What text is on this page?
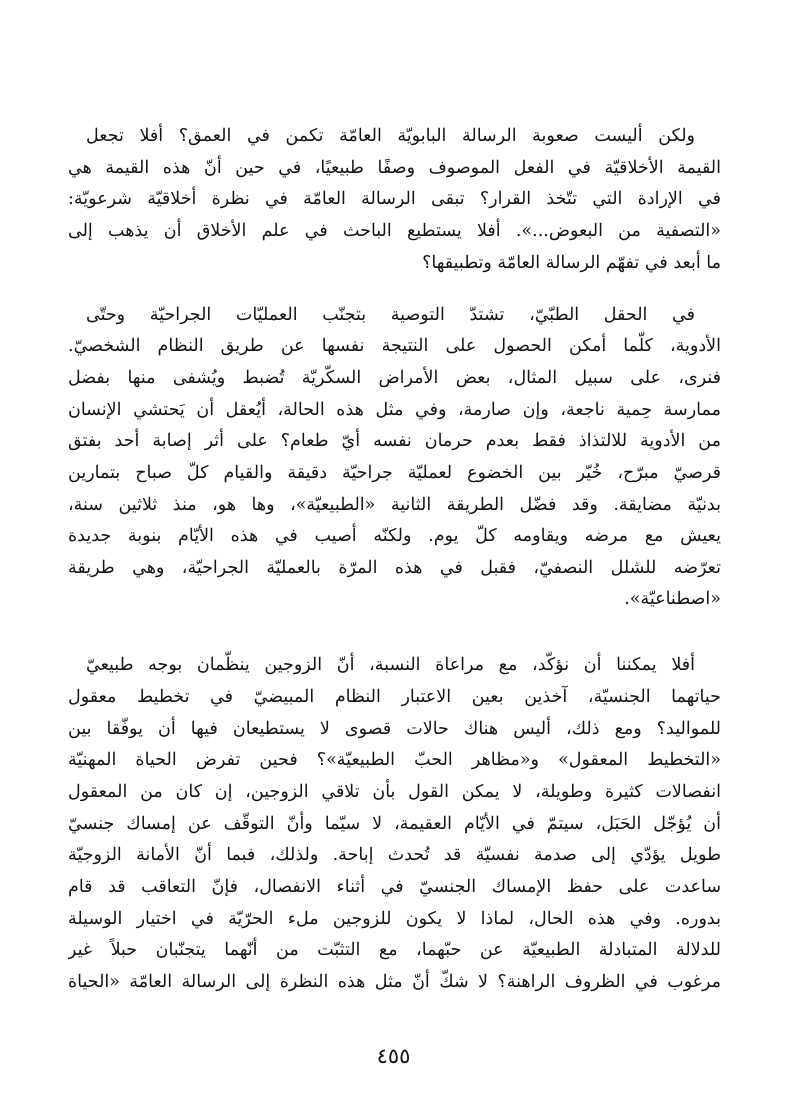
ولكن أليست صعوبة الرسالة البابويّة العامّة تكمن في العمق؟ أفلا تجعل
القيمة الأخلاقيّة في الفعل الموصوف وصفًا طبيعيًا، في حين أنّ هذه القيمة هي
في الإرادة التي تتّخذ القرار؟ تبقى الرسالة العامّة في نظرة أخلاقيّة شرعويّة:
«التصفية من البعوض...». أفلا يستطيع الباحث في علم الأخلاق أن يذهب إلى
ما أبعد في تفهّم الرسالة العامّة وتطبيقها؟
في الحقل الطبّيّ، تشتدّ التوصية بتجنّب العمليّات الجراحيّة وحتّى
الأدوية، كلّما أمكن الحصول على النتيجة نفسها عن طريق النظام الشخصيّ.
فنرى، على سبيل المثال، بعض الأمراض السكّريّة تُضبط ويُشفى منها بفضل
ممارسة حِمية ناجعة، وإن صارمة، وفي مثل هذه الحالة، أيُعقل أن يَحتشي الإنسان
من الأدوية للالتذاذ فقط بعدم حرمان نفسه أيّ طعام؟ على أثر إصابة أحد بفتق
قرصيّ مبرّح، خُيّر بين الخضوع لعمليّة جراحيّة دقيقة والقيام كلّ صباح بتمارين
بدنيّة مضايقة. وقد فضّل الطريقة الثانية «الطبيعيّة»، وها هو، منذ ثلاثين سنة،
يعيش مع مرضه ويقاومه كلّ يوم. ولكنّه أصيب في هذه الأيّام بنوبة جديدة
تعرّضه للشلل النصفيّ، فقبل في هذه المرّة بالعمليّة الجراحيّة، وهي طريقة
«اصطناعيّة».
أفلا يمكننا أن نؤكّد، مع مراعاة النسبة، أنّ الزوجين ينظّمان بوجه طبيعيّ
حياتهما الجنسيّة، آخذين بعين الاعتبار النظام المبيضيّ في تخطيط معقول
للمواليد؟ ومع ذلك، أليس هناك حالات قصوى لا يستطيعان فيها أن يوفّقا بين
«التخطيط المعقول» و«مظاهر الحبّ الطبيعيّة»؟ فحين تفرض الحياة المهنيّة
انفصالات كثيرة وطويلة، لا يمكن القول بأن تلاقي الزوجين، إن كان من المعقول
أن يُؤجّل الحَبَل، سيتمّ في الأيّام العقيمة، لا سيّما وأنّ التوقّف عن إمساك جنسيّ
طويل يؤدّي إلى صدمة نفسيّة قد تُحدث إباحة. ولذلك، فبما أنّ الأمانة الزوجيّة
ساعدت على حفظ الإمساك الجنسيّ في أثناء الانفصال، فإنّ التعاقب قد قام
بدوره. وفي هذه الحال، لماذا لا يكون للزوجين ملء الحرّيّة في اختيار الوسيلة
للدلالة المتبادلة الطبيعيّة عن حبّهما، مع التثبّت من أنّهما يتجنّبان حبلاً غير
مرغوب في الظروف الراهنة؟ لا شكّ أنّ مثل هذه النظرة إلى الرسالة العامّة «الحياة
٤٥٥
